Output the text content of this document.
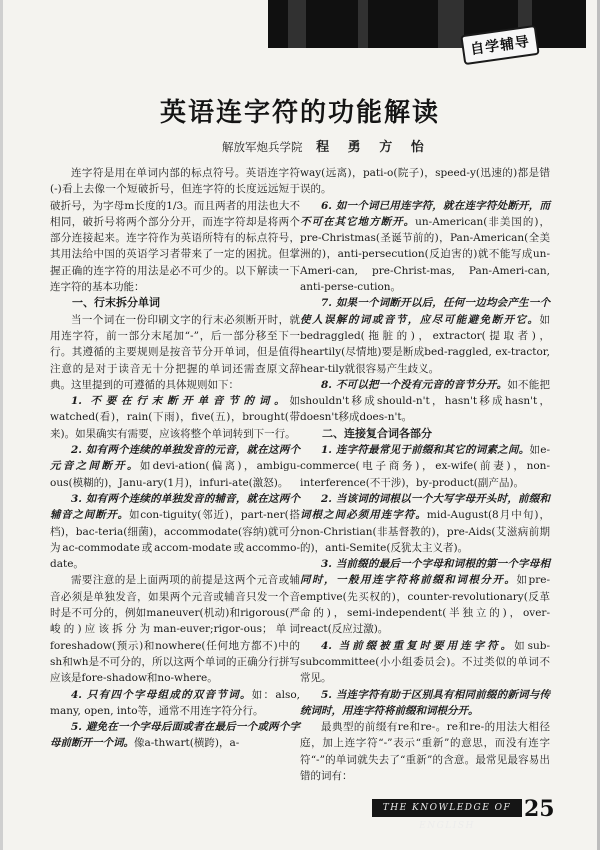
自学辅导
英语连字符的功能解读
解放军炮兵学院 程 勇 方 怡

连字符是用在单词内部的标点符号。英语连字符(-)看上去像一个短破折号，但连字符的长度远远短于破折号，为字母m长度的1/3。而且两者的用法也大不相同，破折号将两个部分分开，而连字符却是将两个部分连接起来。连字符作为英语所特有的标点符号，其用法给中国的英语学习者带来了一定的困扰。但掌握正确的连字符的用法是必不可少的。以下解读一下连字符的基本功能：

一、行末拆分单词

当一个词在一份印刷文字的行末必须断开时，就用连字符，前一部分末尾加“-”，后一部分移至下一行。其遵循的主要规则是按音节分开单词，但是值得注意的是对于读音无十分把握的单词还需查原文辞典。这里提到的可遵循的具体规则如下：

1. 不要在行末断开单音节的词。如watched(看)，rain(下雨)，five(五)，brought(带来)。如果确实有需要，应该将整个单词转到下一行。

2. 如有两个连续的单独发音的元音，就在这两个元音之间断开。如devi-ation(偏离)，ambigu-ous(模糊的)，Janu-ary(1月)，infuri-ate(激怒)。

3. 如有两个连续的单独发音的辅音，就在这两个辅音之间断开。如con-tiguity(邻近)，part-ner(搭档)，bac-teria(细菌)，accommodate(容纳)就可分为ac-commodate或accom-modate或accommo-date。

需要注意的是上面两项的前提是这两个元音或辅音必须是单独发音，如果两个元音或辅音只发一个音时是不可分的，例如maneuver(机动)和rigorous(严峻的)应该拆分为man-euver;rigor-ous；单词foreshadow(预示)和nowhere(任何地方都不)中的sh和wh是不可分的，所以这两个单词的正确分行拼写应该是fore-shadow和no-where。

4. 只有四个字母组成的双音节词。如：also, many, open, into等，通常不用连字符分行。

5. 避免在一个字母后面或者在最后一个或两个字母前断开一个词。像a-thwart(横跨)，a-

way(远离)，pati-o(院子)，speed-y(迅速的)都是错误的。

6. 如一个词已用连字符，就在连字符处断开，而不可在其它地方断开。un-American(非美国的)，pre-Christmas(圣诞节前的)，Pan-American(全美洲的)，anti-persecution(反迫害的)就不能写成un-Ameri-can, pre-Christ-mas, Pan-Ameri-can, anti-perse-cution。

7. 如果一个词断开以后，任何一边均会产生一个使人误解的词或音节，应尽可能避免断开它。如bedraggled(拖脏的)，extractor(提取者)，heartily(尽情地)要是断成bed-raggled, ex-tractor, hear-tily就很容易产生歧义。

8. 不可以把一个没有元音的音节分开。如不能把shouldn't移成should-n't，hasn't移成hasn't，doesn't移成does-n't。

二、连接复合词各部分

1. 连字符最常见于前缀和其它的词素之间。如e-commerce(电子商务)，ex-wife(前妻)，non-interference(不干涉)，by-product(副产品)。

2. 当该词的词根以一个大写字母开头时，前缀和词根之间必须用连字符。mid-August(8月中旬)，non-Christian(非基督教的)，pre-Aids(艾滋病前期的)，anti-Semite(反犹太主义者)。

3. 当前缀的最后一个字母和词根的第一个字母相同时，一般用连字符将前缀和词根分开。如pre-emptive(先买权的)，counter-revolutionary(反革命的)，semi-independent(半独立的)，over-react(反应过激)。

4. 当前缀被重复时要用连字符。如sub-subcommittee(小小组委员会)。不过类似的单词不常见。

5. 当连字符有助于区别具有相同前缀的新词与传统词时，用连字符将前缀和词根分开。

最典型的前缀有re和re-。re和re-的用法大相径庭，加上连字符“-”表示“重新”的意思，而没有连字符“-”的单词就失去了“重新”的含意。最常见最容易出错的词有：

THE KNOWLEDGE OF ENGLISH
25
